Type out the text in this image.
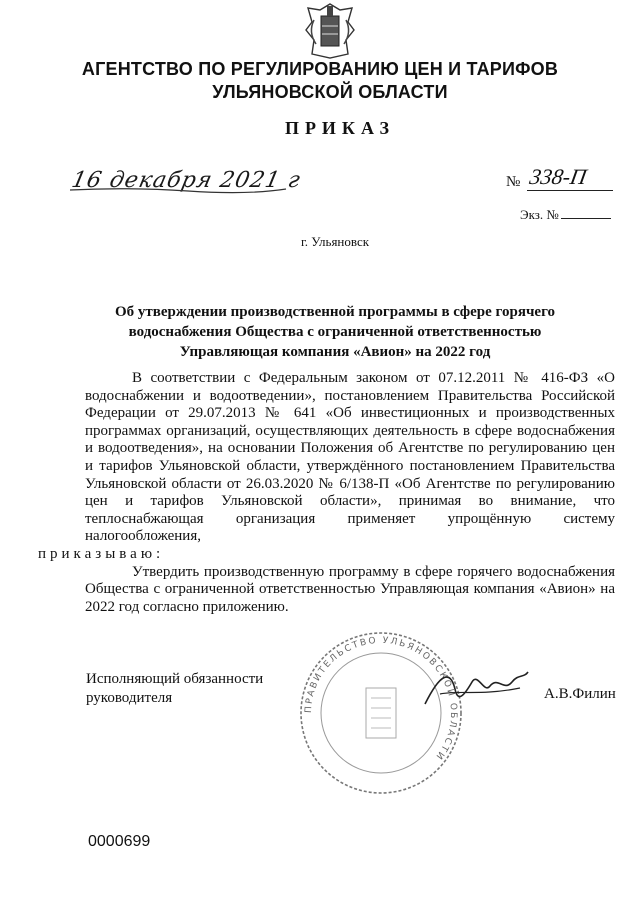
АГЕНТСТВО ПО РЕГУЛИРОВАНИЮ ЦЕН И ТАРИФОВ
УЛЬЯНОВСКОЙ ОБЛАСТИ
ПРИКАЗ
16 декабря 2021 г	№ 338-П
Экз. №
г. Ульяновск
Об утверждении производственной программы в сфере горячего водоснабжения Общества с ограниченной ответственностью Управляющая компания «Авион» на 2022 год

В соответствии с Федеральным законом от 07.12.2011 № 416-ФЗ «О водоснабжении и водоотведении», постановлением Правительства Российской Федерации от 29.07.2013 № 641 «Об инвестиционных и производственных программах организаций, осуществляющих деятельность в сфере водоснабжения и водоотведения», на основании Положения об Агентстве по регулированию цен и тарифов Ульяновской области, утверждённого постановлением Правительства Ульяновской области от 26.03.2020 № 6/138-П «Об Агентстве по регулированию цен и тарифов Ульяновской области», принимая во внимание, что теплоснабжающая организация применяет упрощённую систему налогообложения,
приказываю:

Утвердить производственную программу в сфере горячего водоснабжения Общества с ограниченной ответственностью Управляющая компания «Авион» на 2022 год согласно приложению.

ПРАВИТЕЛЬСТВО УЛЬЯНОВСКОЙ ОБЛАСТИ
Исполняющий обязанности
руководителя	А.В.Филин
0000699
